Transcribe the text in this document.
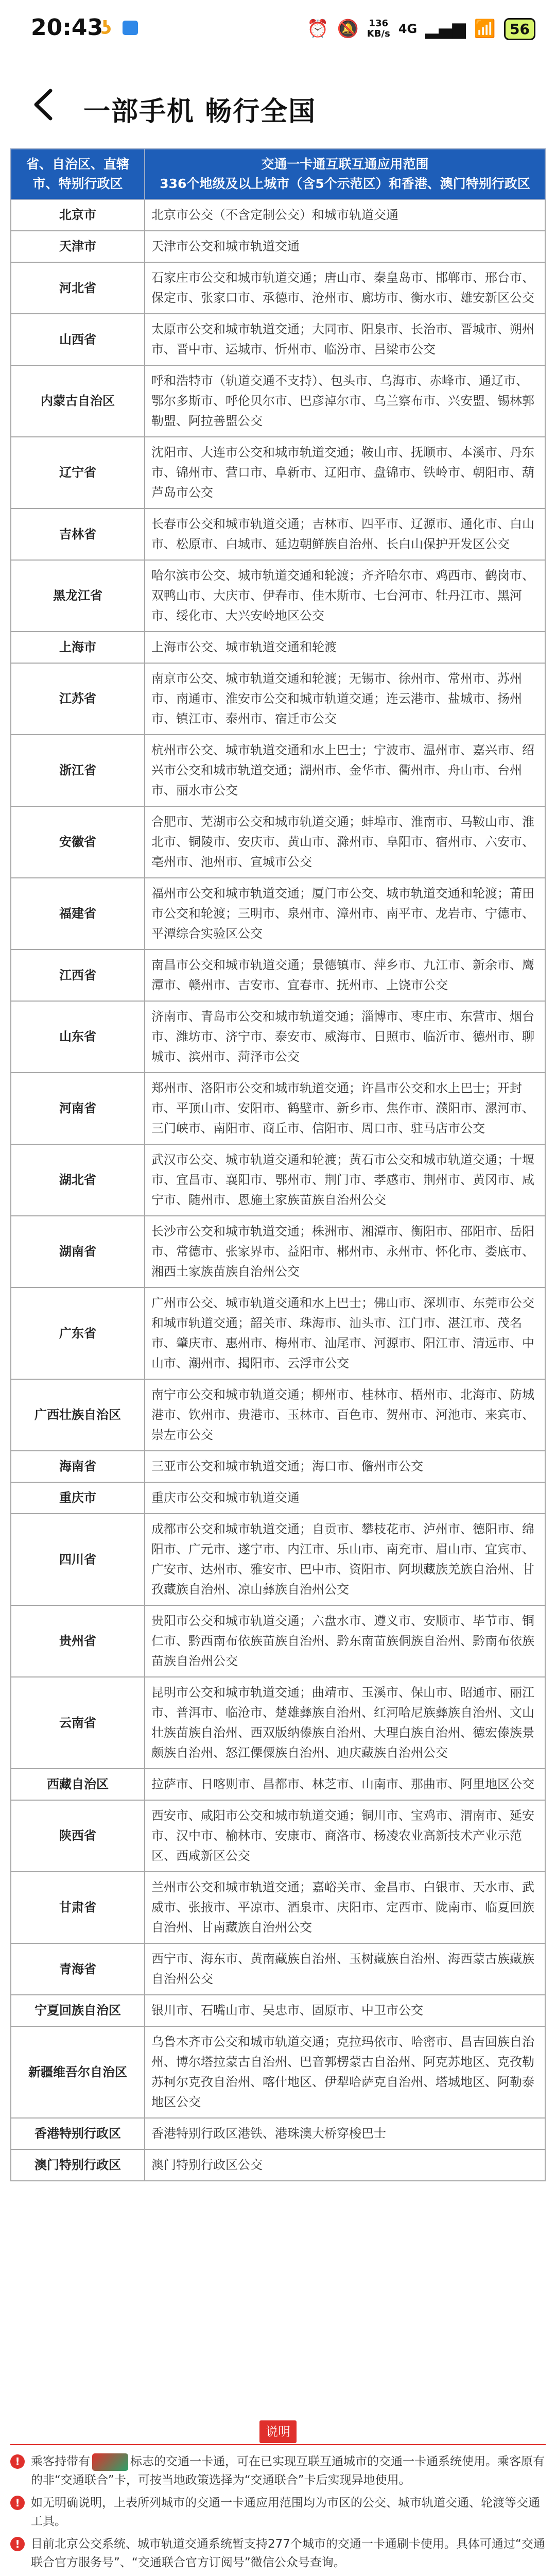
20:43
ʖ	⏰ 🔕 136
KB/s 4G ▂▄▆ 📶 56
一部手机 畅行全国
省、自治区、直辖市、特别行政区	交通一卡通互联互通应用范围
336个地级及以上城市（含5个示范区）和香港、澳门特别行政区
北京市	北京市公交（不含定制公交）和城市轨道交通
天津市	天津市公交和城市轨道交通
河北省	石家庄市公交和城市轨道交通；唐山市、秦皇岛市、邯郸市、邢台市、保定市、张家口市、承德市、沧州市、廊坊市、衡水市、雄安新区公交
山西省	太原市公交和城市轨道交通；大同市、阳泉市、长治市、晋城市、朔州市、晋中市、运城市、忻州市、临汾市、吕梁市公交
内蒙古自治区	呼和浩特市（轨道交通不支持）、包头市、乌海市、赤峰市、通辽市、鄂尔多斯市、呼伦贝尔市、巴彦淖尔市、乌兰察布市、兴安盟、锡林郭勒盟、阿拉善盟公交
辽宁省	沈阳市、大连市公交和城市轨道交通；鞍山市、抚顺市、本溪市、丹东市、锦州市、营口市、阜新市、辽阳市、盘锦市、铁岭市、朝阳市、葫芦岛市公交
吉林省	长春市公交和城市轨道交通；吉林市、四平市、辽源市、通化市、白山市、松原市、白城市、延边朝鲜族自治州、长白山保护开发区公交
黑龙江省	哈尔滨市公交、城市轨道交通和轮渡；齐齐哈尔市、鸡西市、鹤岗市、双鸭山市、大庆市、伊春市、佳木斯市、七台河市、牡丹江市、黑河市、绥化市、大兴安岭地区公交
上海市	上海市公交、城市轨道交通和轮渡
江苏省	南京市公交、城市轨道交通和轮渡；无锡市、徐州市、常州市、苏州市、南通市、淮安市公交和城市轨道交通；连云港市、盐城市、扬州市、镇江市、泰州市、宿迁市公交
浙江省	杭州市公交、城市轨道交通和水上巴士；宁波市、温州市、嘉兴市、绍兴市公交和城市轨道交通；湖州市、金华市、衢州市、舟山市、台州市、丽水市公交
安徽省	合肥市、芜湖市公交和城市轨道交通；蚌埠市、淮南市、马鞍山市、淮北市、铜陵市、安庆市、黄山市、滁州市、阜阳市、宿州市、六安市、亳州市、池州市、宣城市公交
福建省	福州市公交和城市轨道交通；厦门市公交、城市轨道交通和轮渡；莆田市公交和轮渡；三明市、泉州市、漳州市、南平市、龙岩市、宁德市、平潭综合实验区公交
江西省	南昌市公交和城市轨道交通；景德镇市、萍乡市、九江市、新余市、鹰潭市、赣州市、吉安市、宜春市、抚州市、上饶市公交
山东省	济南市、青岛市公交和城市轨道交通；淄博市、枣庄市、东营市、烟台市、潍坊市、济宁市、泰安市、威海市、日照市、临沂市、德州市、聊城市、滨州市、菏泽市公交
河南省	郑州市、洛阳市公交和城市轨道交通；许昌市公交和水上巴士；开封市、平顶山市、安阳市、鹤壁市、新乡市、焦作市、濮阳市、漯河市、三门峡市、南阳市、商丘市、信阳市、周口市、驻马店市公交
湖北省	武汉市公交、城市轨道交通和轮渡；黄石市公交和城市轨道交通；十堰市、宜昌市、襄阳市、鄂州市、荆门市、孝感市、荆州市、黄冈市、咸宁市、随州市、恩施土家族苗族自治州公交
湖南省	长沙市公交和城市轨道交通；株洲市、湘潭市、衡阳市、邵阳市、岳阳市、常德市、张家界市、益阳市、郴州市、永州市、怀化市、娄底市、湘西土家族苗族自治州公交
广东省	广州市公交、城市轨道交通和水上巴士；佛山市、深圳市、东莞市公交和城市轨道交通；韶关市、珠海市、汕头市、江门市、湛江市、茂名市、肇庆市、惠州市、梅州市、汕尾市、河源市、阳江市、清远市、中山市、潮州市、揭阳市、云浮市公交
广西壮族自治区	南宁市公交和城市轨道交通；柳州市、桂林市、梧州市、北海市、防城港市、钦州市、贵港市、玉林市、百色市、贺州市、河池市、来宾市、崇左市公交
海南省	三亚市公交和城市轨道交通；海口市、儋州市公交
重庆市	重庆市公交和城市轨道交通
四川省	成都市公交和城市轨道交通；自贡市、攀枝花市、泸州市、德阳市、绵阳市、广元市、遂宁市、内江市、乐山市、南充市、眉山市、宜宾市、广安市、达州市、雅安市、巴中市、资阳市、阿坝藏族羌族自治州、甘孜藏族自治州、凉山彝族自治州公交
贵州省	贵阳市公交和城市轨道交通；六盘水市、遵义市、安顺市、毕节市、铜仁市、黔西南布依族苗族自治州、黔东南苗族侗族自治州、黔南布依族苗族自治州公交
云南省	昆明市公交和城市轨道交通；曲靖市、玉溪市、保山市、昭通市、丽江市、普洱市、临沧市、楚雄彝族自治州、红河哈尼族彝族自治州、文山壮族苗族自治州、西双版纳傣族自治州、大理白族自治州、德宏傣族景颇族自治州、怒江傈僳族自治州、迪庆藏族自治州公交
西藏自治区	拉萨市、日喀则市、昌都市、林芝市、山南市、那曲市、阿里地区公交
陕西省	西安市、咸阳市公交和城市轨道交通；铜川市、宝鸡市、渭南市、延安市、汉中市、榆林市、安康市、商洛市、杨凌农业高新技术产业示范区、西咸新区公交
甘肃省	兰州市公交和城市轨道交通；嘉峪关市、金昌市、白银市、天水市、武威市、张掖市、平凉市、酒泉市、庆阳市、定西市、陇南市、临夏回族自治州、甘南藏族自治州公交
青海省	西宁市、海东市、黄南藏族自治州、玉树藏族自治州、海西蒙古族藏族自治州公交
宁夏回族自治区	银川市、石嘴山市、吴忠市、固原市、中卫市公交
新疆维吾尔自治区	乌鲁木齐市公交和城市轨道交通；克拉玛依市、哈密市、昌吉回族自治州、博尔塔拉蒙古自治州、巴音郭楞蒙古自治州、阿克苏地区、克孜勒苏柯尔克孜自治州、喀什地区、伊犁哈萨克自治州、塔城地区、阿勒泰地区公交
香港特别行政区	香港特别行政区港铁、港珠澳大桥穿梭巴士
澳门特别行政区	澳门特别行政区公交
说明
! 乘客持带有	标志的交通一卡通，可在已实现互联互通城市的交通一卡通系统使用。乘客原有的非“交通联合”卡，可按当地政策选择为“交通联合”卡后实现异地使用。
! 如无明确说明，上表所列城市的交通一卡通应用范围均为市区的公交、城市轨道交通、轮渡等交通工具。
! 目前北京公交系统、城市轨道交通系统暂支持277个城市的交通一卡通刷卡使用。具体可通过“交通联合官方服务号”、“交通联合官方订阅号”微信公众号查询。
